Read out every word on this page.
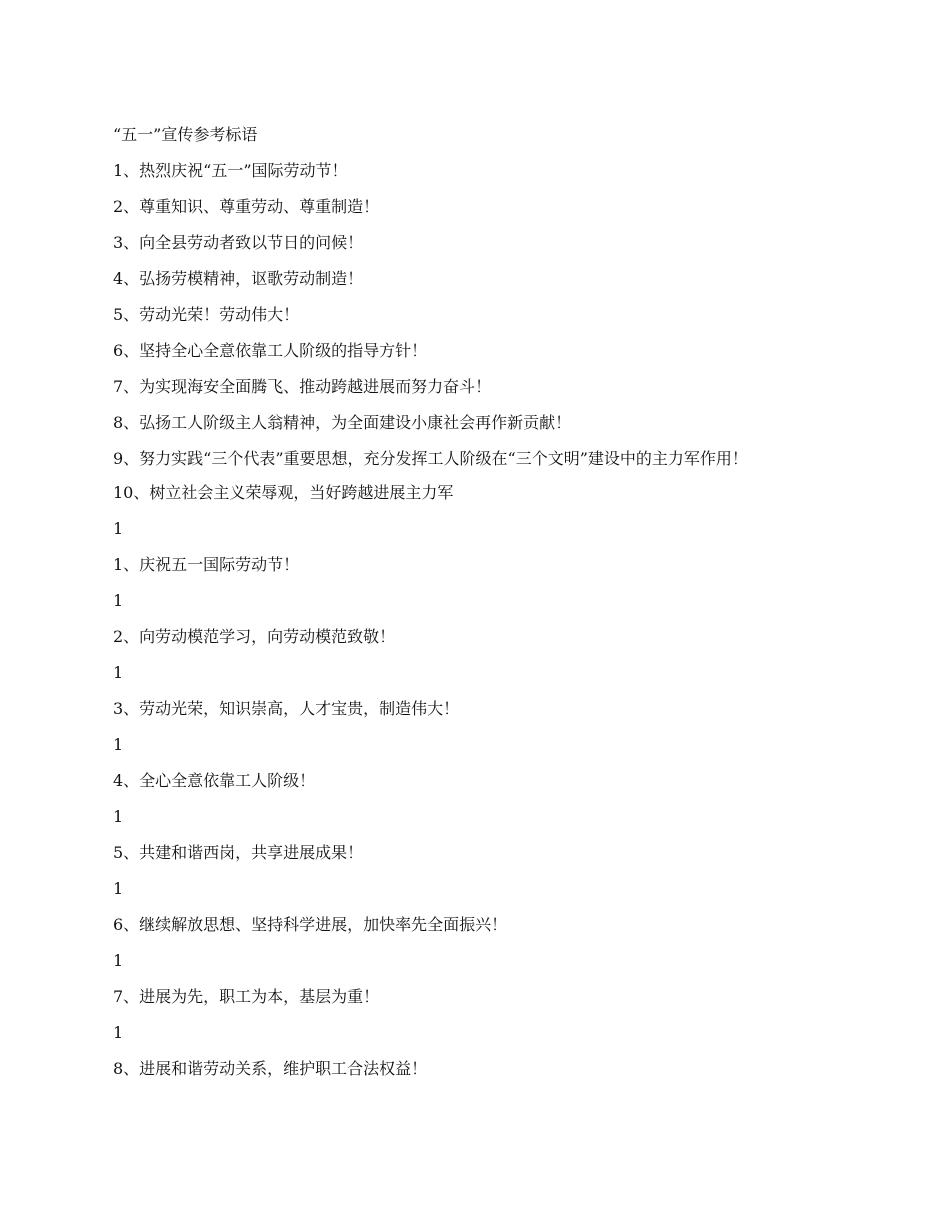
“五一”宣传参考标语
1、热烈庆祝“五一”国际劳动节！
2、尊重知识、尊重劳动、尊重制造！
3、向全县劳动者致以节日的问候！
4、弘扬劳模精神，讴歌劳动制造！
5、劳动光荣！劳动伟大！
6、坚持全心全意依靠工人阶级的指导方针！
7、为实现海安全面腾飞、推动跨越进展而努力奋斗！
8、弘扬工人阶级主人翁精神，为全面建设小康社会再作新贡献！
9、努力实践“三个代表”重要思想，充分发挥工人阶级在“三个文明”建设中的主力军作用！
10、树立社会主义荣辱观，当好跨越进展主力军
1
1、庆祝五一国际劳动节！
1
2、向劳动模范学习，向劳动模范致敬！
1
3、劳动光荣，知识崇高，人才宝贵，制造伟大！
1
4、全心全意依靠工人阶级！
1
5、共建和谐西岗，共享进展成果！
1
6、继续解放思想、坚持科学进展，加快率先全面振兴！
1
7、进展为先，职工为本，基层为重！
1
8、进展和谐劳动关系，维护职工合法权益！
